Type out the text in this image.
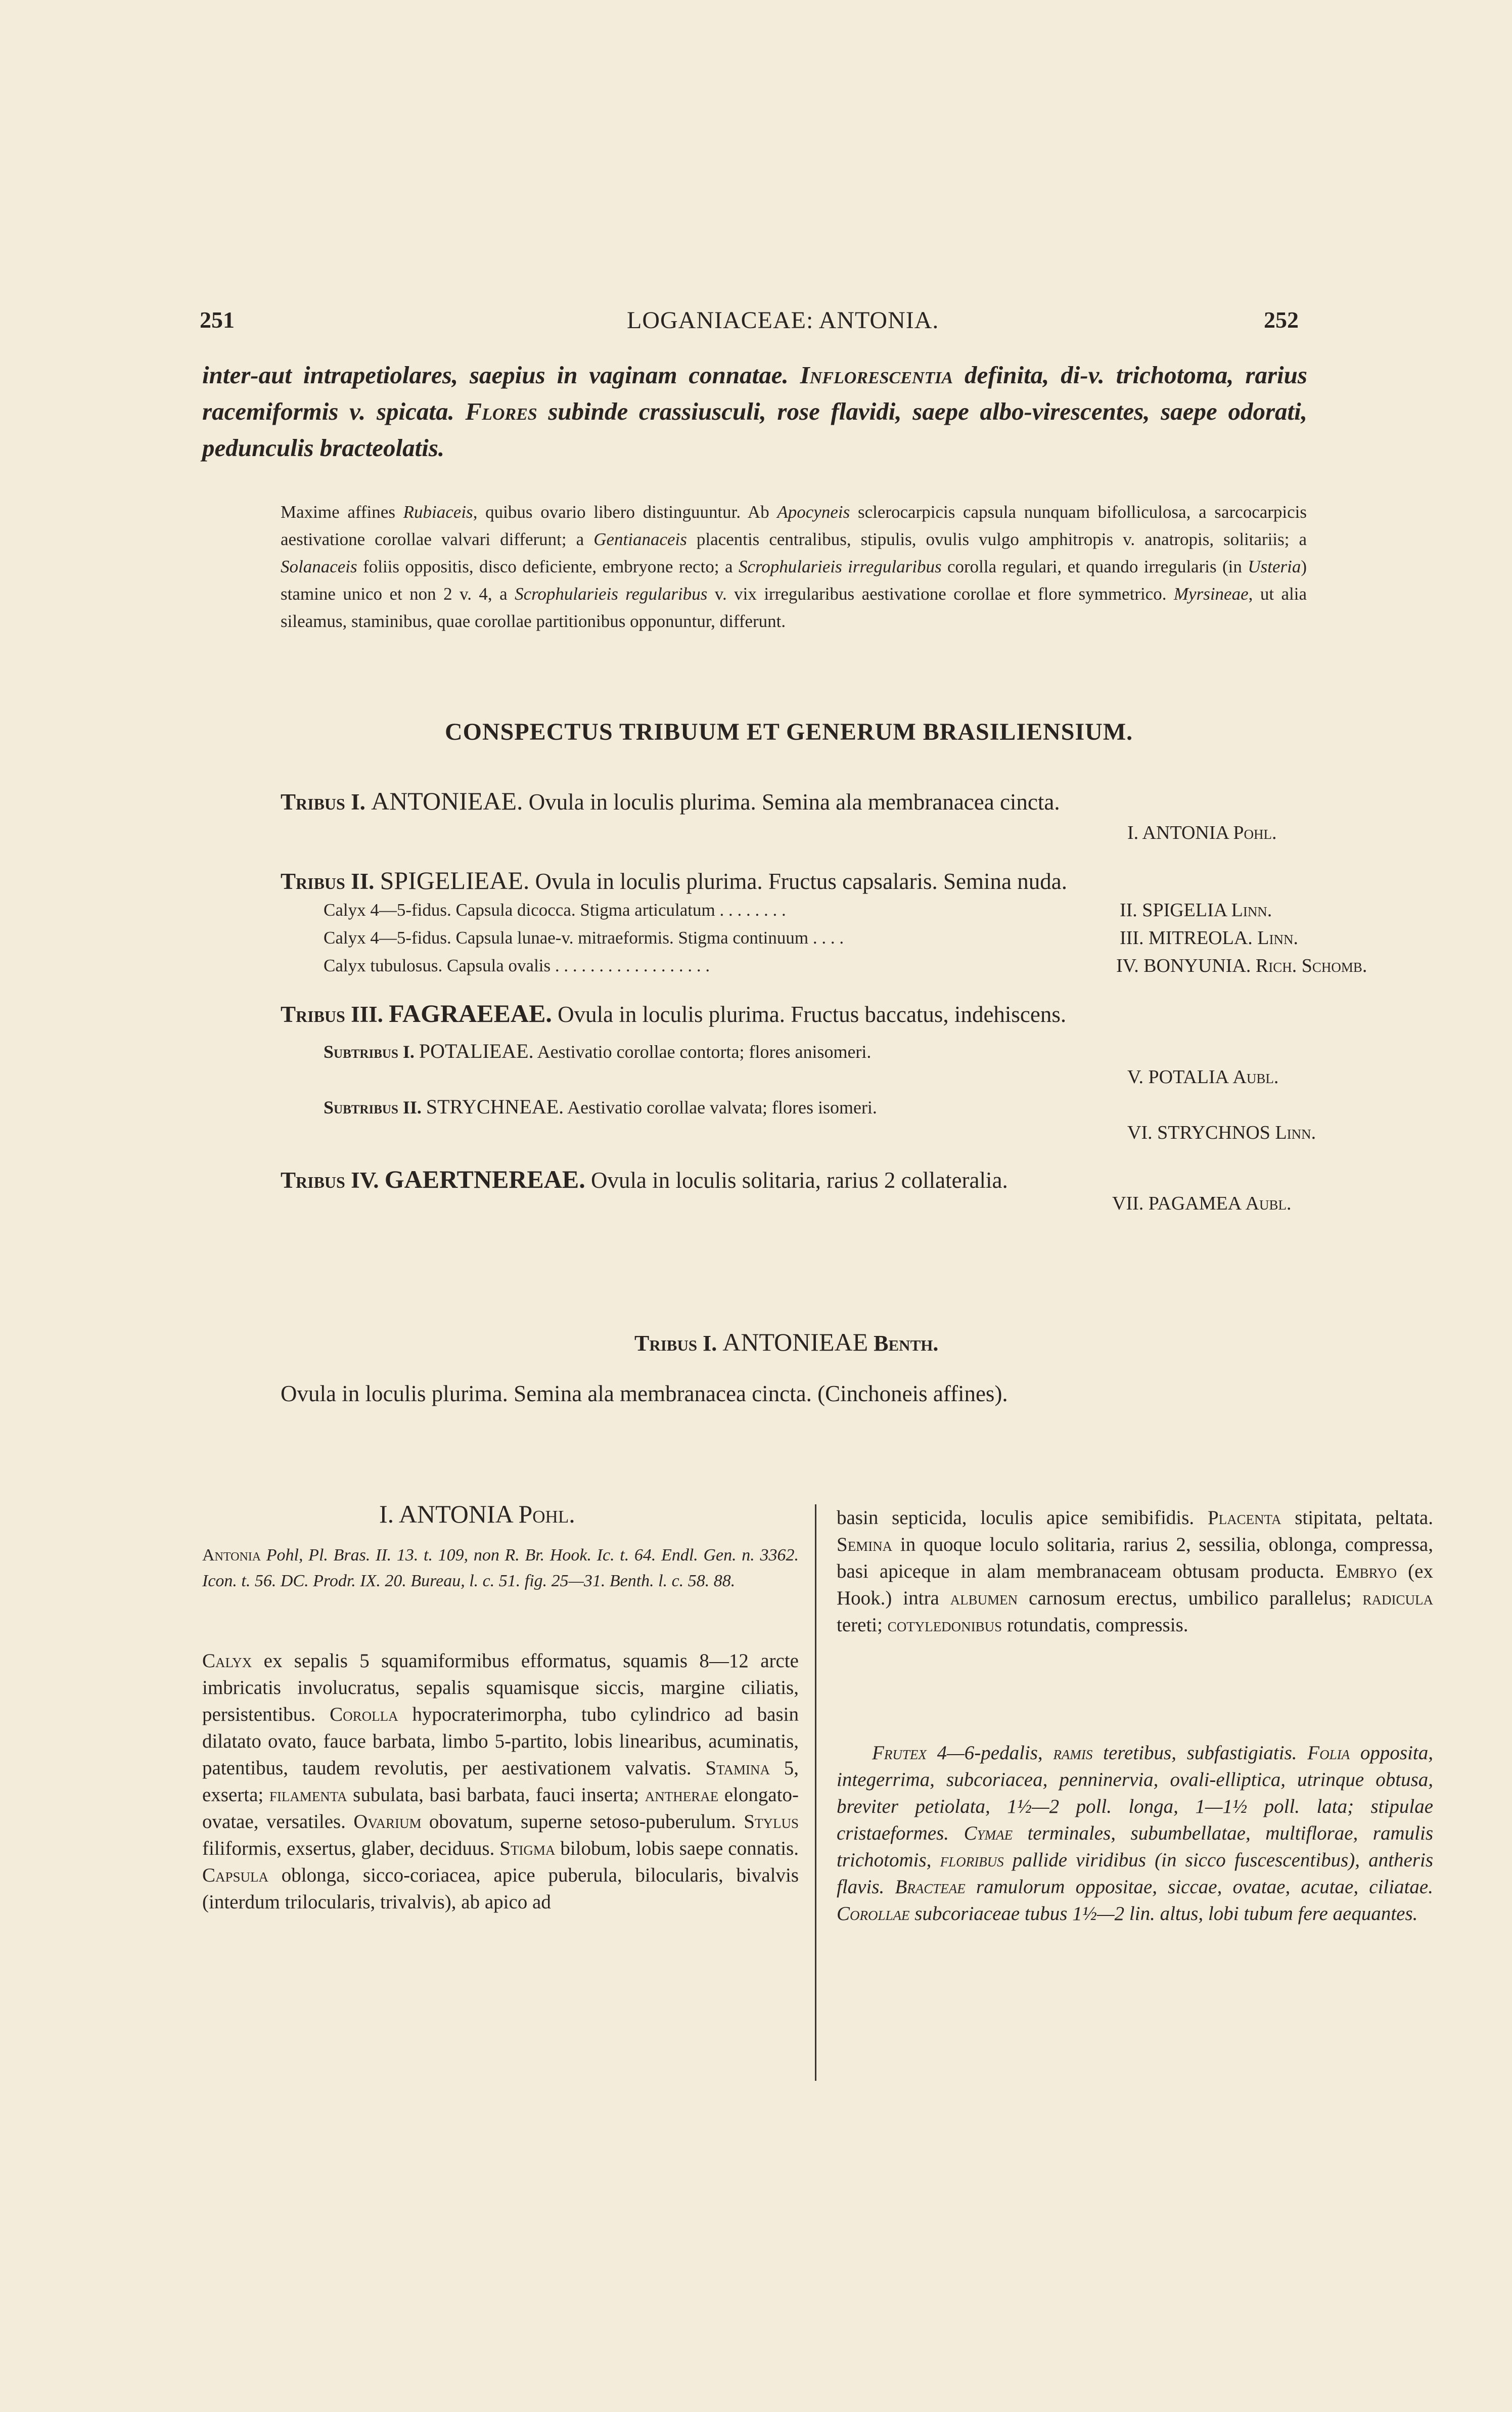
251	LOGANIACEAE: ANTONIA.	252
inter-aut intrapetiolares, saepius in vaginam connatae. Inflorescentia definita, di-v. trichotoma, rarius racemiformis v. spicata. Flores subinde crassiusculi, rose flavidi, saepe albo-virescentes, saepe odorati, pedunculis bracteolatis.
Maxime affines Rubiaceis, quibus ovario libero distinguuntur. Ab Apocyneis sclerocarpicis capsula nunquam bifolliculosa, a sarcocarpicis aestivatione corollae valvari differunt; a Gentianaceis placentis centralibus, stipulis, ovulis vulgo amphitropis v. anatropis, solitariis; a Solanaceis foliis oppositis, disco deficiente, embryone recto; a Scrophularieis irregularibus corolla regulari, et quando irregularis (in Usteria) stamine unico et non 2 v. 4, a Scrophularieis regularibus v. vix irregularibus aestivatione corollae et flore symmetrico. Myrsineae, ut alia sileamus, staminibus, quae corollae partitionibus opponuntur, differunt.
CONSPECTUS TRIBUUM ET GENERUM BRASILIENSIUM.
Tribus I. ANTONIEAE. Ovula in loculis plurima. Semina ala membranacea cincta.
I. ANTONIA Pohl.
Tribus II. SPIGELIEAE. Ovula in loculis plurima. Fructus capsalaris. Semina nuda.
Calyx 4—5-fidus. Capsula dicocca. Stigma articulatum . . . . . . . .	II. SPIGELIA Linn.
Calyx 4—5-fidus. Capsula lunae-v. mitraeformis. Stigma continuum . . . .	III. MITREOLA. Linn.
Calyx tubulosus. Capsula ovalis . . . . . . . . . . . . . . . . . .	IV. BONYUNIA. Rich. Schomb.
Tribus III. FAGRAEEAE. Ovula in loculis plurima. Fructus baccatus, indehiscens.
Subtribus I. POTALIEAE. Aestivatio corollae contorta; flores anisomeri.
V. POTALIA Aubl.
Subtribus II. STRYCHNEAE. Aestivatio corollae valvata; flores isomeri.
VI. STRYCHNOS Linn.
Tribus IV. GAERTNEREAE. Ovula in loculis solitaria, rarius 2 collateralia.
VII. PAGAMEA Aubl.
Tribus I. ANTONIEAE Benth.
Ovula in loculis plurima. Semina ala membranacea cincta. (Cinchoneis affines).
I. ANTONIA Pohl.
Antonia Pohl, Pl. Bras. II. 13. t. 109, non R. Br. Hook. Ic. t. 64. Endl. Gen. n. 3362. Icon. t. 56. DC. Prodr. IX. 20. Bureau, l. c. 51. fig. 25—31. Benth. l. c. 58. 88.
Calyx ex sepalis 5 squamiformibus efformatus, squamis 8—12 arcte imbricatis involucratus, sepalis squamisque siccis, margine ciliatis, persistentibus. Corolla hypocraterimorpha, tubo cylindrico ad basin dilatato ovato, fauce barbata, limbo 5-partito, lobis linearibus, acuminatis, patentibus, taudem revolutis, per aestivationem valvatis. Stamina 5, exserta; filamenta subulata, basi barbata, fauci inserta; antherae elongato-ovatae, versatiles. Ovarium obovatum, superne setoso-puberulum. Stylus filiformis, exsertus, glaber, deciduus. Stigma bilobum, lobis saepe connatis. Capsula oblonga, sicco-coriacea, apice puberula, bilocularis, bivalvis (interdum trilocularis, trivalvis), ab apico ad
basin septicida, loculis apice semibifidis. Placenta stipitata, peltata. Semina in quoque loculo solitaria, rarius 2, sessilia, oblonga, compressa, basi apiceque in alam membranaceam obtusam producta. Embryo (ex Hook.) intra albumen carnosum erectus, umbilico parallelus; radicula tereti; cotyledonibus rotundatis, compressis.
Frutex 4—6-pedalis, ramis teretibus, subfastigiatis. Folia opposita, integerrima, subcoriacea, penninervia, ovali-elliptica, utrinque obtusa, breviter petiolata, 1½—2 poll. longa, 1—1½ poll. lata; stipulae cristaeformes. Cymae terminales, subumbellatae, multiflorae, ramulis trichotomis, floribus pallide viridibus (in sicco fuscescentibus), antheris flavis. Bracteae ramulorum oppositae, siccae, ovatae, acutae, ciliatae. Corollae subcoriaceae tubus 1½—2 lin. altus, lobi tubum fere aequantes.
